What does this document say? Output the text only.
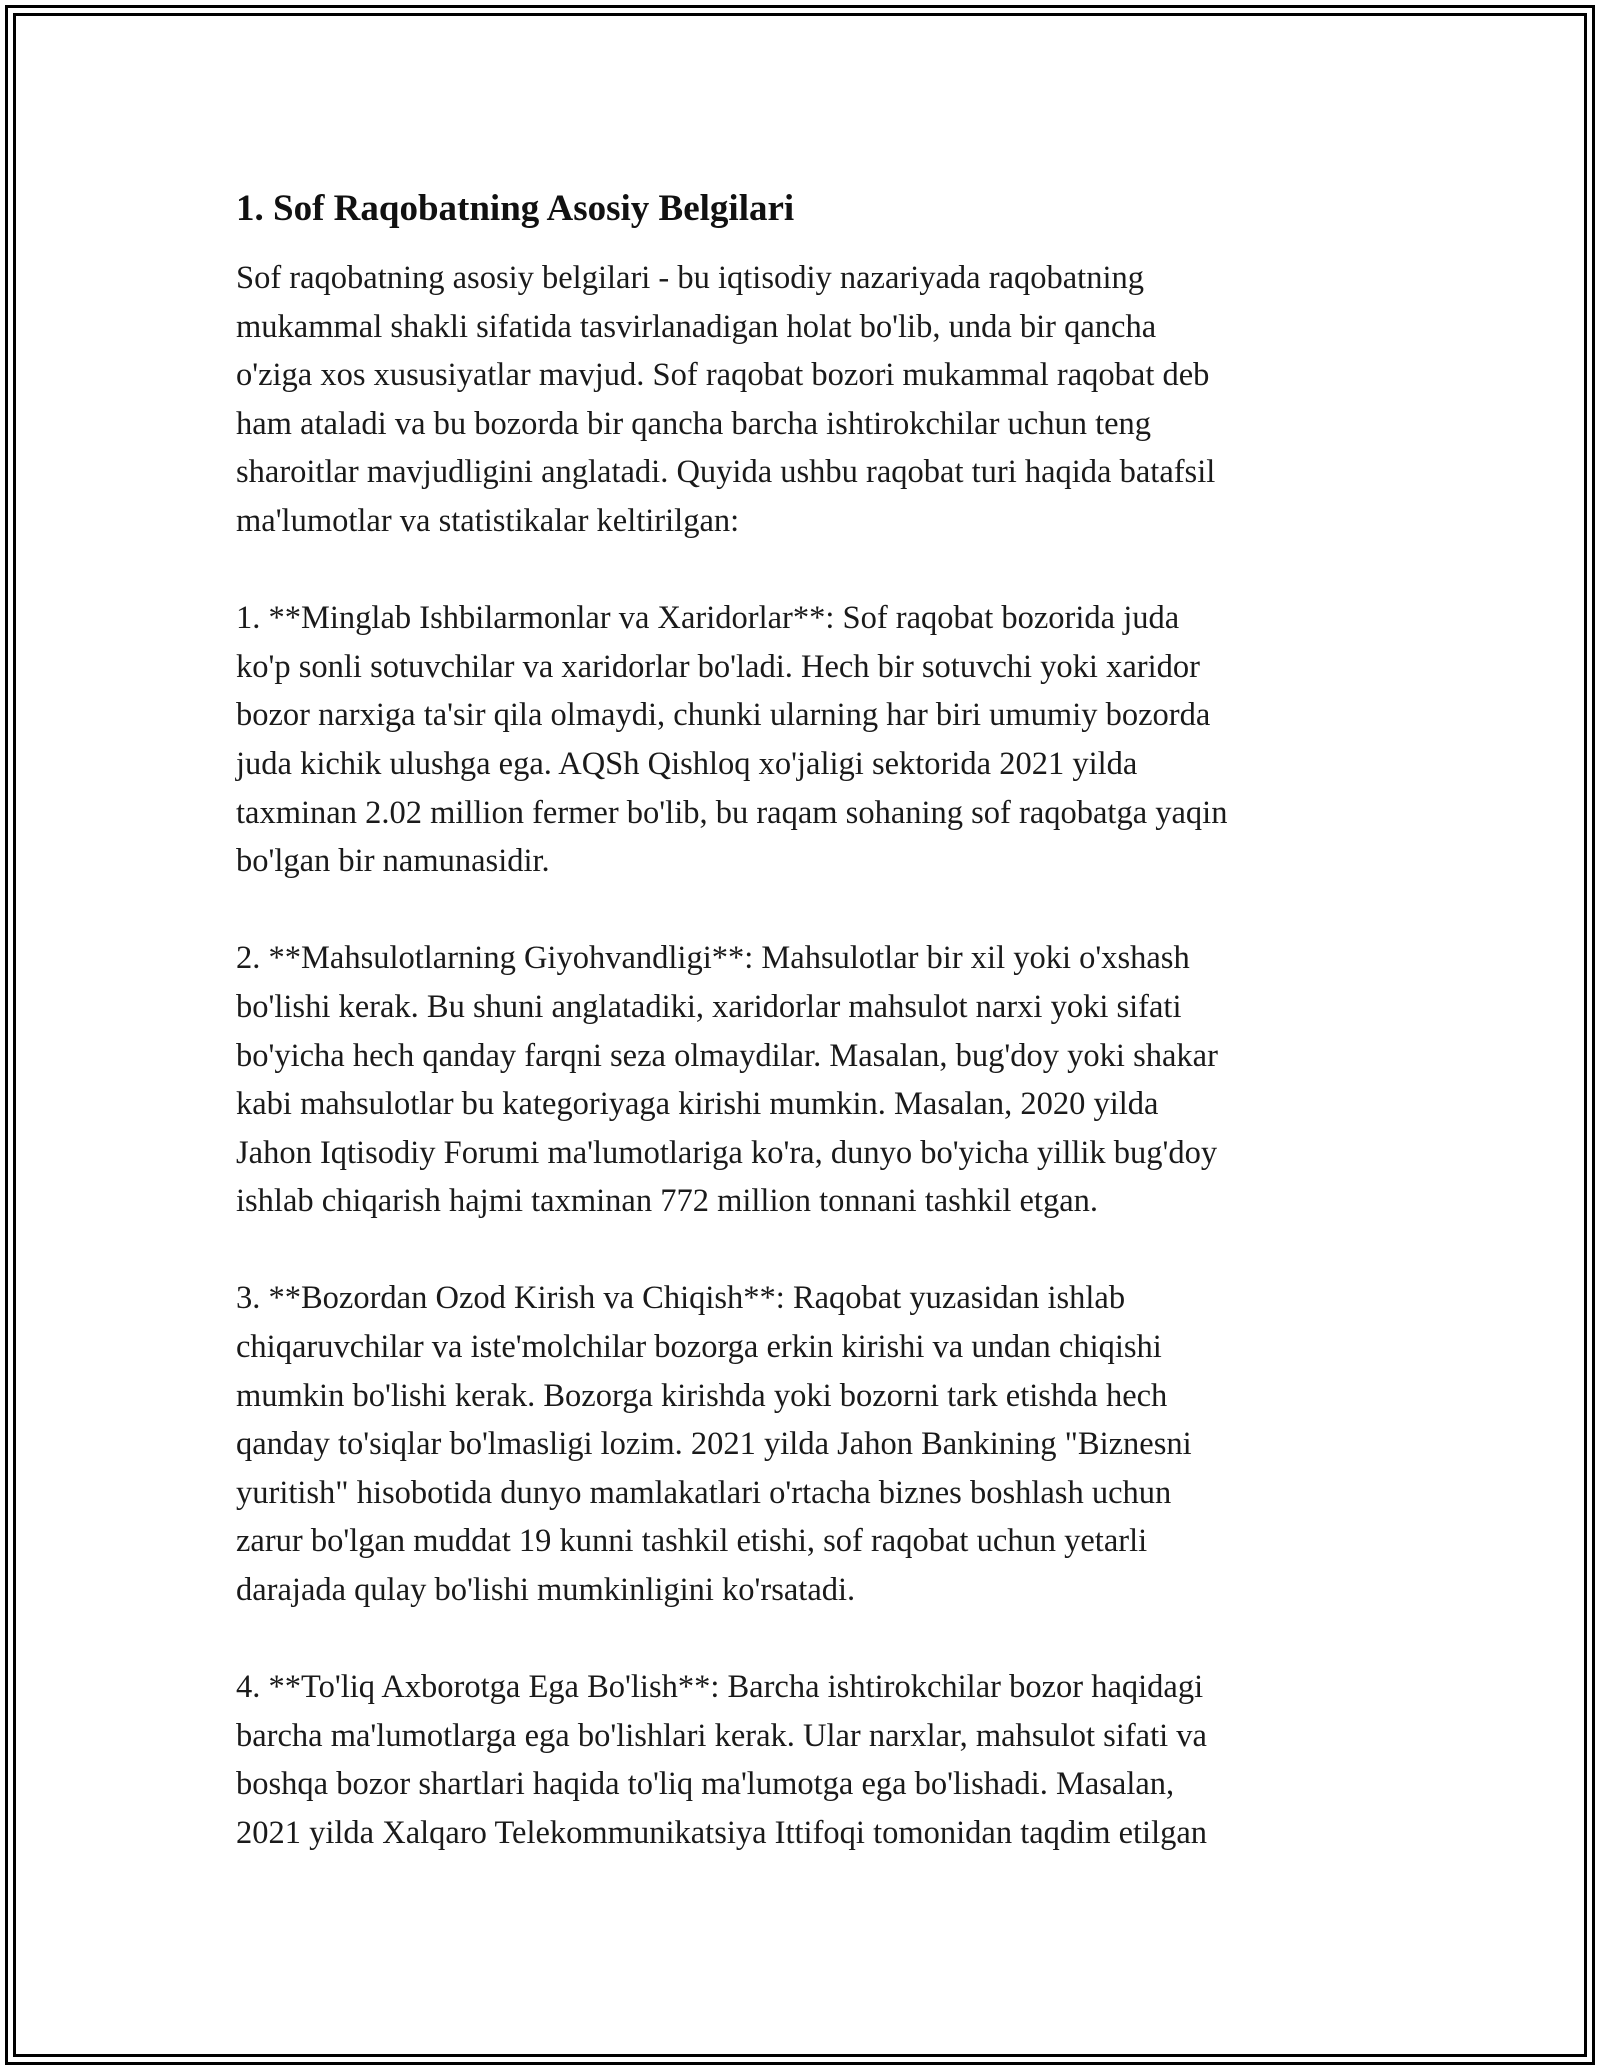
1. Sof Raqobatning Asosiy Belgilari
Sof raqobatning asosiy belgilari - bu iqtisodiy nazariyada raqobatning
mukammal shakli sifatida tasvirlanadigan holat bo'lib, unda bir qancha
o'ziga xos xususiyatlar mavjud. Sof raqobat bozori mukammal raqobat deb
ham ataladi va bu bozorda bir qancha barcha ishtirokchilar uchun teng
sharoitlar mavjudligini anglatadi. Quyida ushbu raqobat turi haqida batafsil
ma'lumotlar va statistikalar keltirilgan:
1. **Minglab Ishbilarmonlar va Xaridorlar**: Sof raqobat bozorida juda
ko'p sonli sotuvchilar va xaridorlar bo'ladi. Hech bir sotuvchi yoki xaridor
bozor narxiga ta'sir qila olmaydi, chunki ularning har biri umumiy bozorda
juda kichik ulushga ega. AQSh Qishloq xo'jaligi sektorida 2021 yilda
taxminan 2.02 million fermer bo'lib, bu raqam sohaning sof raqobatga yaqin
bo'lgan bir namunasidir.
2. **Mahsulotlarning Giyohvandligi**: Mahsulotlar bir xil yoki o'xshash
bo'lishi kerak. Bu shuni anglatadiki, xaridorlar mahsulot narxi yoki sifati
bo'yicha hech qanday farqni seza olmaydilar. Masalan, bug'doy yoki shakar
kabi mahsulotlar bu kategoriyaga kirishi mumkin. Masalan, 2020 yilda
Jahon Iqtisodiy Forumi ma'lumotlariga ko'ra, dunyo bo'yicha yillik bug'doy
ishlab chiqarish hajmi taxminan 772 million tonnani tashkil etgan.
3. **Bozordan Ozod Kirish va Chiqish**: Raqobat yuzasidan ishlab
chiqaruvchilar va iste'molchilar bozorga erkin kirishi va undan chiqishi
mumkin bo'lishi kerak. Bozorga kirishda yoki bozorni tark etishda hech
qanday to'siqlar bo'lmasligi lozim. 2021 yilda Jahon Bankining "Biznesni
yuritish" hisobotida dunyo mamlakatlari o'rtacha biznes boshlash uchun
zarur bo'lgan muddat 19 kunni tashkil etishi, sof raqobat uchun yetarli
darajada qulay bo'lishi mumkinligini ko'rsatadi.
4. **To'liq Axborotga Ega Bo'lish**: Barcha ishtirokchilar bozor haqidagi
barcha ma'lumotlarga ega bo'lishlari kerak. Ular narxlar, mahsulot sifati va
boshqa bozor shartlari haqida to'liq ma'lumotga ega bo'lishadi. Masalan,
2021 yilda Xalqaro Telekommunikatsiya Ittifoqi tomonidan taqdim etilgan
